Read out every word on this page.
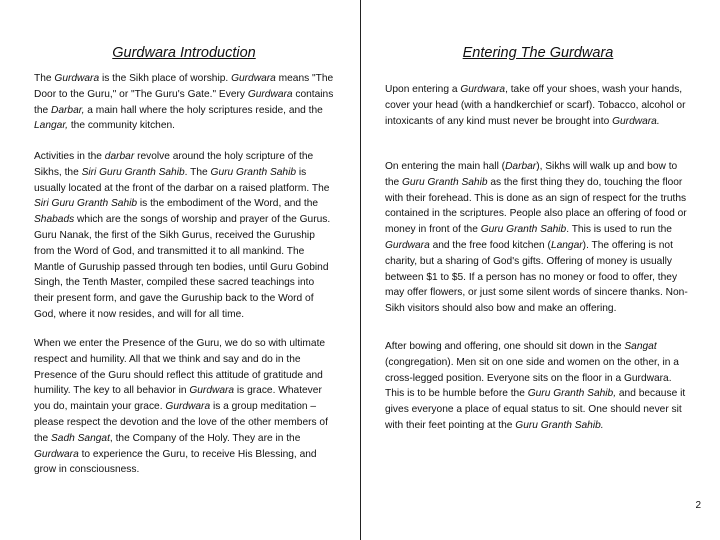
Gurdwara Introduction

The Gurdwara is the Sikh place of worship. Gurdwara means "The Door to the Guru," or "The Guru's Gate." Every Gurdwara contains the Darbar, a main hall where the holy scriptures reside, and the Langar, the community kitchen.

Activities in the darbar revolve around the holy scripture of the Sikhs, the Siri Guru Granth Sahib. The Guru Granth Sahib is usually located at the front of the darbar on a raised platform. The Siri Guru Granth Sahib is the embodiment of the Word, and the Shabads which are the songs of worship and prayer of the Gurus. Guru Nanak, the first of the Sikh Gurus, received the Guruship from the Word of God, and transmitted it to all mankind. The Mantle of Guruship passed through ten bodies, until Guru Gobind Singh, the Tenth Master, compiled these sacred teachings into their present form, and gave the Guruship back to the Word of God, where it now resides, and will for all time.

When we enter the Presence of the Guru, we do so with ultimate respect and humility. All that we think and say and do in the Presence of the Guru should reflect this attitude of gratitude and humility. The key to all behavior in Gurdwara is grace. Whatever you do, maintain your grace. Gurdwara is a group meditation – please respect the devotion and the love of the other members of the Sadh Sangat, the Company of the Holy. They are in the Gurdwara to experience the Guru, to receive His Blessing, and grow in consciousness.

Entering The Gurdwara

Upon entering a Gurdwara, take off your shoes, wash your hands, cover your head (with a handkerchief or scarf). Tobacco, alcohol or intoxicants of any kind must never be brought into Gurdwara.

On entering the main hall (Darbar), Sikhs will walk up and bow to the Guru Granth Sahib as the first thing they do, touching the floor with their forehead. This is done as an sign of respect for the truths contained in the scriptures. People also place an offering of food or money in front of the Guru Granth Sahib. This is used to run the Gurdwara and the free food kitchen (Langar). The offering is not charity, but a sharing of God's gifts. Offering of money is usually between $1 to $5. If a person has no money or food to offer, they may offer flowers, or just some silent words of sincere thanks. Non-Sikh visitors should also bow and make an offering.

After bowing and offering, one should sit down in the Sangat (congregation). Men sit on one side and women on the other, in a cross-legged position. Everyone sits on the floor in a Gurdwara. This is to be humble before the Guru Granth Sahib, and because it gives everyone a place of equal status to sit. One should never sit with their feet pointing at the Guru Granth Sahib.

2
